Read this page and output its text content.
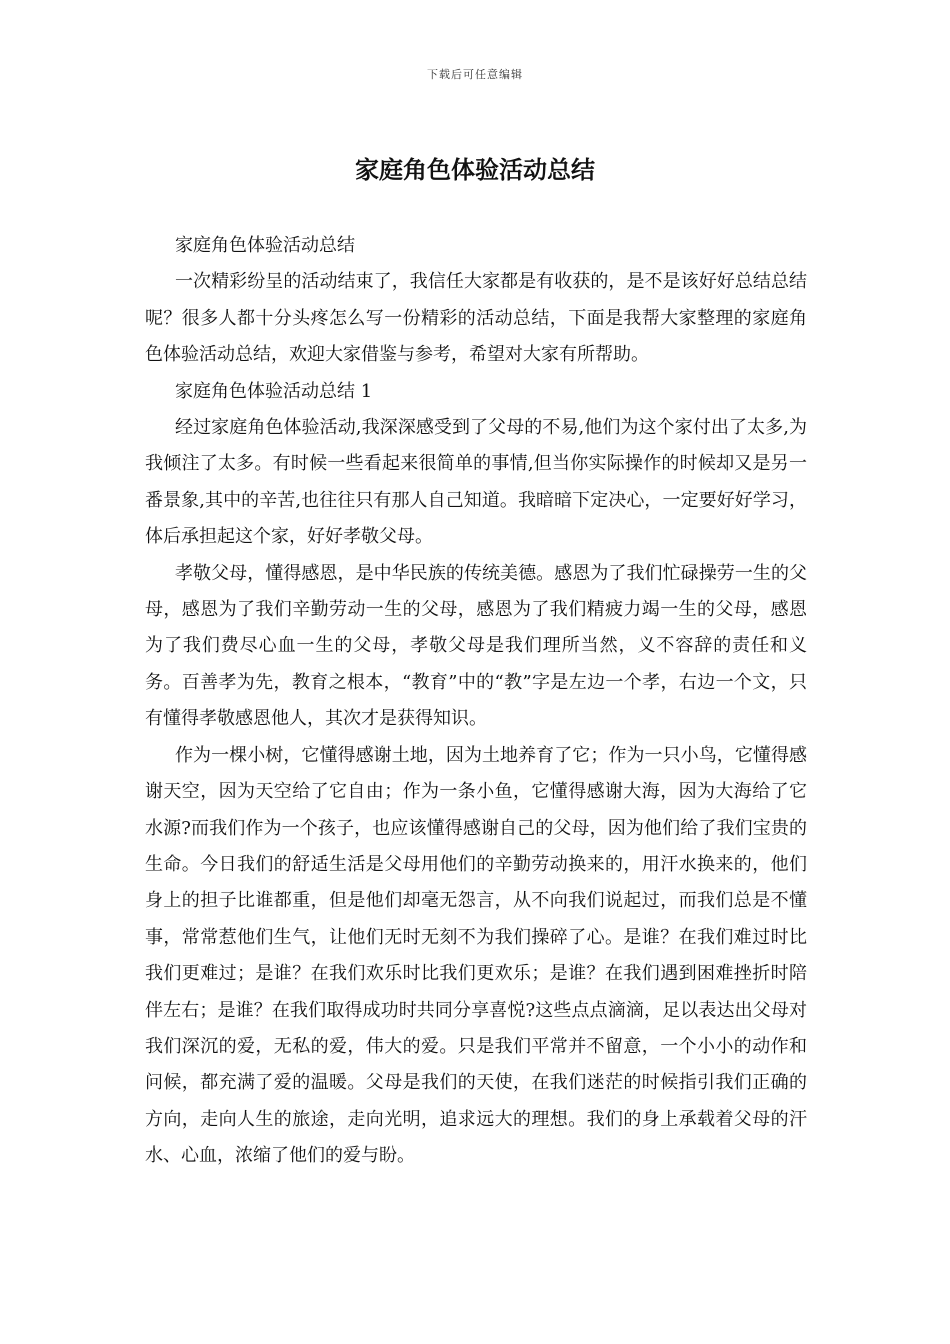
下载后可任意编辑
家庭角色体验活动总结

家庭角色体验活动总结

一次精彩纷呈的活动结束了，我信任大家都是有收获的，是不是该好好总结总结呢？很多人都十分头疼怎么写一份精彩的活动总结，下面是我帮大家整理的家庭角色体验活动总结，欢迎大家借鉴与参考，希望对大家有所帮助。

家庭角色体验活动总结 1

经过家庭角色体验活动,我深深感受到了父母的不易,他们为这个家付出了太多,为我倾注了太多。有时候一些看起来很简单的事情,但当你实际操作的时候却又是另一番景象,其中的辛苦,也往往只有那人自己知道。我暗暗下定决心，一定要好好学习，体后承担起这个家，好好孝敬父母。

孝敬父母，懂得感恩，是中华民族的传统美德。感恩为了我们忙碌操劳一生的父母，感恩为了我们辛勤劳动一生的父母，感恩为了我们精疲力竭一生的父母，感恩为了我们费尽心血一生的父母，孝敬父母是我们理所当然，义不容辞的责任和义务。百善孝为先，教育之根本，“教育”中的“教”字是左边一个孝，右边一个文，只有懂得孝敬感恩他人，其次才是获得知识。

作为一棵小树，它懂得感谢土地，因为土地养育了它；作为一只小鸟，它懂得感谢天空，因为天空给了它自由；作为一条小鱼，它懂得感谢大海，因为大海给了它水源?而我们作为一个孩子，也应该懂得感谢自己的父母，因为他们给了我们宝贵的生命。今日我们的舒适生活是父母用他们的辛勤劳动换来的，用汗水换来的，他们身上的担子比谁都重，但是他们却毫无怨言，从不向我们说起过，而我们总是不懂事，常常惹他们生气，让他们无时无刻不为我们操碎了心。是谁？在我们难过时比我们更难过；是谁？在我们欢乐时比我们更欢乐；是谁？在我们遇到困难挫折时陪伴左右；是谁？在我们取得成功时共同分享喜悦?这些点点滴滴，足以表达出父母对我们深沉的爱，无私的爱，伟大的爱。只是我们平常并不留意，一个小小的动作和问候，都充满了爱的温暖。父母是我们的天使，在我们迷茫的时候指引我们正确的方向，走向人生的旅途，走向光明，追求远大的理想。我们的身上承载着父母的汗水、心血，浓缩了他们的爱与盼。
